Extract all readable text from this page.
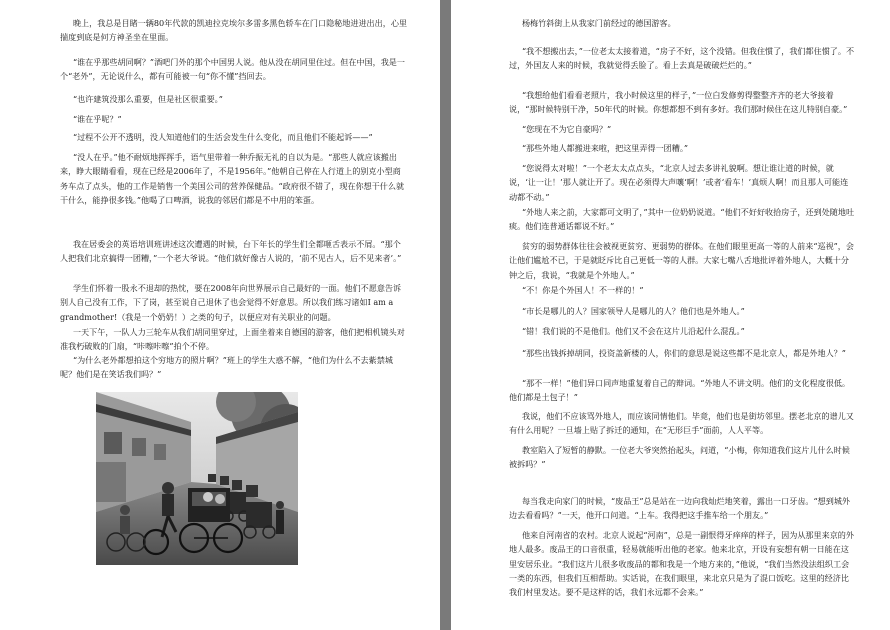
晚上，我总是目睹一辆80年代款的凯迪拉克埃尔多雷多黑色轿车在门口隐秘地进进出出，心里揣度到底是何方神圣坐在里面。

“谁在乎那些胡同啊？”酒吧门外的那个中国男人说。他从没在胡同里住过。但在中国，我是一个“老外”，无论说什么，都有可能被一句“你不懂”挡回去。

“也许建筑没那么重要，但是社区很重要。”

“谁在乎呢？”

“过程不公开不透明，没人知道他们的生活会发生什么变化，而且他们不能起诉——”

“没人在乎。”他不耐烦地挥挥手，语气里带着一种乔振无礼的自以为是。“那些人就应该搬出来，睁大眼睛看看，现在已经是2006年了，不是1956年。”他朝自己停在人行道上的别克小型商务车点了点头，他的工作是销售一个美国公司的营养保健品。“政府很不错了，现在你想干什么就干什么，能挣很多钱。”他喝了口啤酒，说我的邻居们都是不中用的笨蛋。

我在居委会的英语培训班讲述这次遭遇的时候，台下年长的学生们全都咂舌表示不屑。“那个人把我们北京搞得一团糟，”一个老大爷说。“他们就好像古人说的，‘前不见古人，后不见来者’。”

学生们怀着一股永不退却的热忱，要在2008年向世界展示自己最好的一面。他们不愿意告诉别人自己没有工作，下了岗，甚至说自己退休了也会觉得不好意思。所以我们练习诸如I am a grandmother!（我是一个奶奶！）之类的句子，以便应对有关职业的问题。

一天下午，一队人力三轮车从我们胡同里穿过，上面坐着来自德国的游客，他们把相机镜头对准我朽破败的门扇，“咔嚓咔嚓”拍个不停。

“为什么老外都想拍这个穷地方的照片啊？”班上的学生大惑不解，“他们为什么不去紫禁城呢？他们是在笑话我们吗？”

杨梅竹斜街上从我家门前经过的德国游客。

“我不想搬出去，”一位老太太接着道，“房子不好，这个没错。但我住惯了，我们都住惯了。不过，外国友人来的时候，我就觉得丢脸了。看上去真是破破烂烂的。”

“我想给他们看看老照片，我小时候这里的样子，”一位白发修剪得整整齐齐的老大爷接着说，“那时候特别干净，50年代的时候。你想都想不到有多好。我们那时候住在这儿特别自豪。”

“您现在不为它自豪吗？”

“那些外地人都搬进来啦，把这里弄得一团糟。”

“您说得太对啦！”一个老太太点点头，“北京人过去多讲礼貌啊。想让谁让道的时候，就说，‘让一让！’那人就让开了。现在必须得大声嚷‘啊！’或者‘看车！’真烦人啊！而且那人可能连动都不动。”

“外地人来之前，大家都可文明了，”其中一位奶奶说道。“他们不好好收拾房子，还到处随地吐痰。他们连普通话都说不好。”

贫穷的弱势群体往往会被视更贫穷、更弱势的群体。在他们眼里更高一等的人前来“巡视”，会让他们尴尬不已，于是就眨斥比自己更低一等的人群。大家七嘴八舌地批评着外地人，大概十分钟之后，我说，“我就是个外地人。”

“不！你是个外国人！不一样的！”

“市长是哪儿的人？国家领导人是哪儿的人？他们也是外地人。”

“错！我们说的不是他们。他们又不会在这片儿沿起什么混乱。”

“那些出钱拆掉胡同，投资盖新楼的人，你们的意思是说这些都不是北京人，都是外地人？”

“那不一样！”他们异口同声地重复着自己的辩词。“外地人不讲文明。他们的文化程度很低。他们都是土包子！”

我说，他们不应该骂外地人，而应该同情他们。毕竟，他们也是街坊邻里。摆老北京的谱儿又有什么用呢？一旦墙上贴了拆迁的通知，在“无形巨手”面前，人人平等。

教室陷入了短暂的静默。一位老大爷突然抬起头，问道，“小梅，你知道我们这片儿什么时候被拆吗？”

每当我走向家门的时候，“废品王”总是站在一边向我灿烂地笑着，露出一口牙齿。“想到城外边去看看吗？”一天，他开口问道。“上车。我得把这手推车给一个朋友。”

他来自河南省的农村。北京人说起“河南”，总是一副恨得牙痒痒的样子，因为从那里来京的外地人最多。废品王的口音很重，轻易就能听出他的老家。他来北京，开设有妄想有朝一日能在这里安居乐业。“我们这片儿很多收废品的都和我是一个地方来的，”他说，“我们当然没法组织工会一类的东西，但我们互相帮助。实话说，在我们眼里，来北京只是为了混口饭吃。这里的经济比我们村里发达。要不是这样的话，我们永远都不会来。”
